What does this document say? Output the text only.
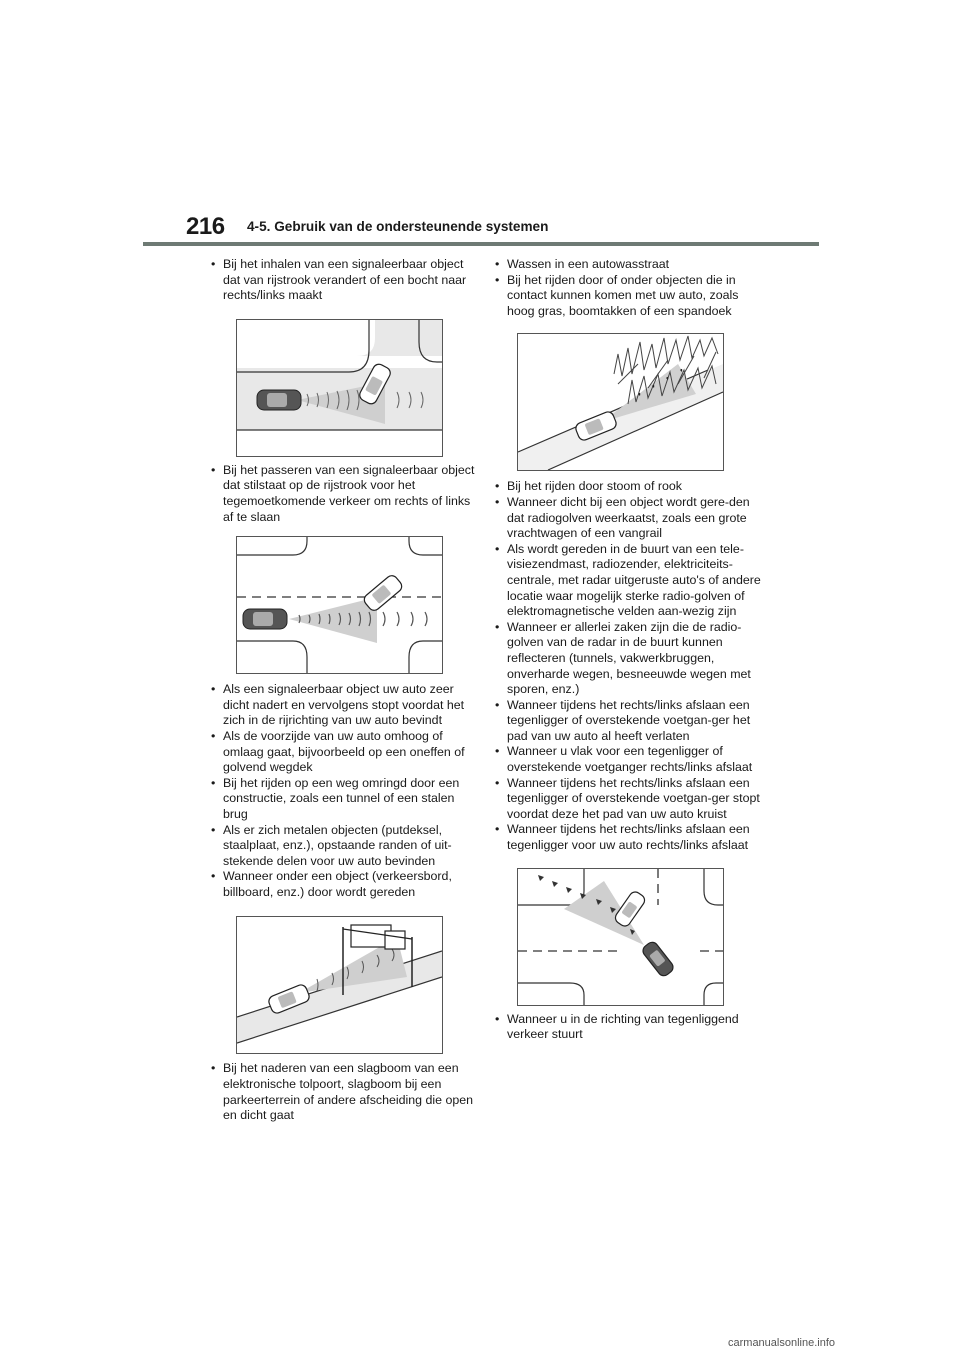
216 4-5. Gebruik van de ondersteunende systemen
• Bij het inhalen van een signaleerbaar object dat van rijstrook verandert of een bocht naar rechts/links maakt
• Bij het passeren van een signaleerbaar object dat stilstaat op de rijstrook voor het tegemoetkomende verkeer om rechts of links af te slaan
• Als een signaleerbaar object uw auto zeer dicht nadert en vervolgens stopt voordat het zich in de rijrichting van uw auto bevindt
• Als de voorzijde van uw auto omhoog of omlaag gaat, bijvoorbeeld op een oneffen of golvend wegdek
• Bij het rijden op een weg omringd door een constructie, zoals een tunnel of een stalen brug
• Als er zich metalen objecten (putdeksel, staalplaat, enz.), opstaande randen of uit-stekende delen voor uw auto bevinden
• Wanneer onder een object (verkeersbord, billboard, enz.) door wordt gereden
• Bij het naderen van een slagboom van een elektronische tolpoort, slagboom bij een parkeerterrein of andere afscheiding die open en dicht gaat
• Wassen in een autowasstraat
• Bij het rijden door of onder objecten die in contact kunnen komen met uw auto, zoals hoog gras, boomtakken of een spandoek
• Bij het rijden door stoom of rook
• Wanneer dicht bij een object wordt gere-den dat radiogolven weerkaatst, zoals een grote vrachtwagen of een vangrail
• Als wordt gereden in de buurt van een tele-visiezendmast, radiozender, elektriciteits-centrale, met radar uitgeruste auto's of andere locatie waar mogelijk sterke radio-golven of elektromagnetische velden aan-wezig zijn
• Wanneer er allerlei zaken zijn die de radio-golven van de radar in de buurt kunnen reflecteren (tunnels, vakwerkbruggen, onverharde wegen, besneeuwde wegen met sporen, enz.)
• Wanneer tijdens het rechts/links afslaan een tegenligger of overstekende voetgan-ger het pad van uw auto al heeft verlaten
• Wanneer u vlak voor een tegenligger of overstekende voetganger rechts/links afslaat
• Wanneer tijdens het rechts/links afslaan een tegenligger of overstekende voetgan-ger stopt voordat deze het pad van uw auto kruist
• Wanneer tijdens het rechts/links afslaan een tegenligger voor uw auto rechts/links afslaat
• Wanneer u in de richting van tegenliggend verkeer stuurt
carmanualsonline.info
